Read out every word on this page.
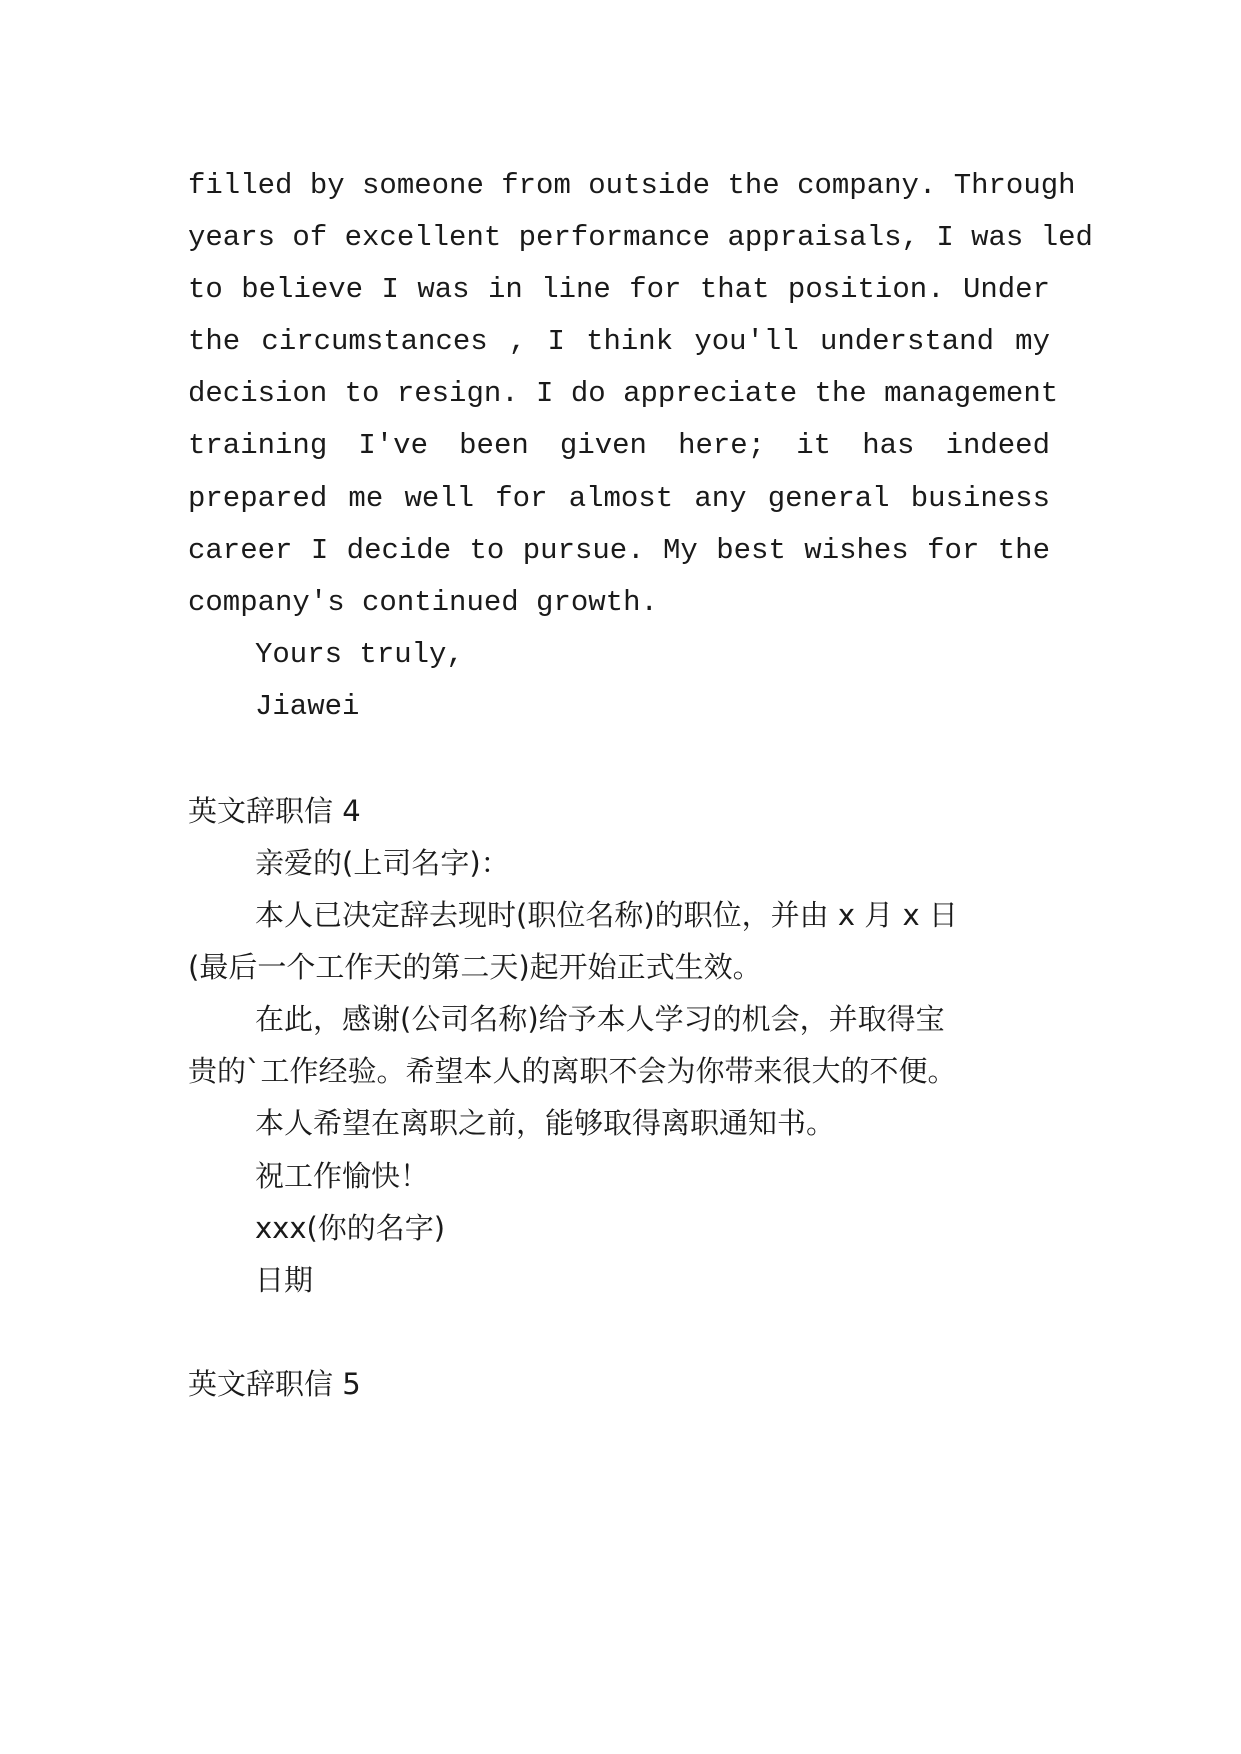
filled by someone from outside the company. Through
years of excellent performance appraisals, I was led
to believe I was in line for that position. Under
the circumstances , I think you'll understand my
decision to resign. I do appreciate the management
training I've been given here; it has indeed
prepared me well for almost any general business
career I decide to pursue. My best wishes for the
company's continued growth.
Yours truly,
Jiawei
英文辞职信 4
亲爱的(上司名字)：
本人已决定辞去现时(职位名称)的职位，并由 x 月 x 日
(最后一个工作天的第二天)起开始正式生效。
在此，感谢(公司名称)给予本人学习的机会，并取得宝
贵的`工作经验。希望本人的离职不会为你带来很大的不便。
本人希望在离职之前，能够取得离职通知书。
祝工作愉快！
xxx(你的名字)
日期
英文辞职信 5
